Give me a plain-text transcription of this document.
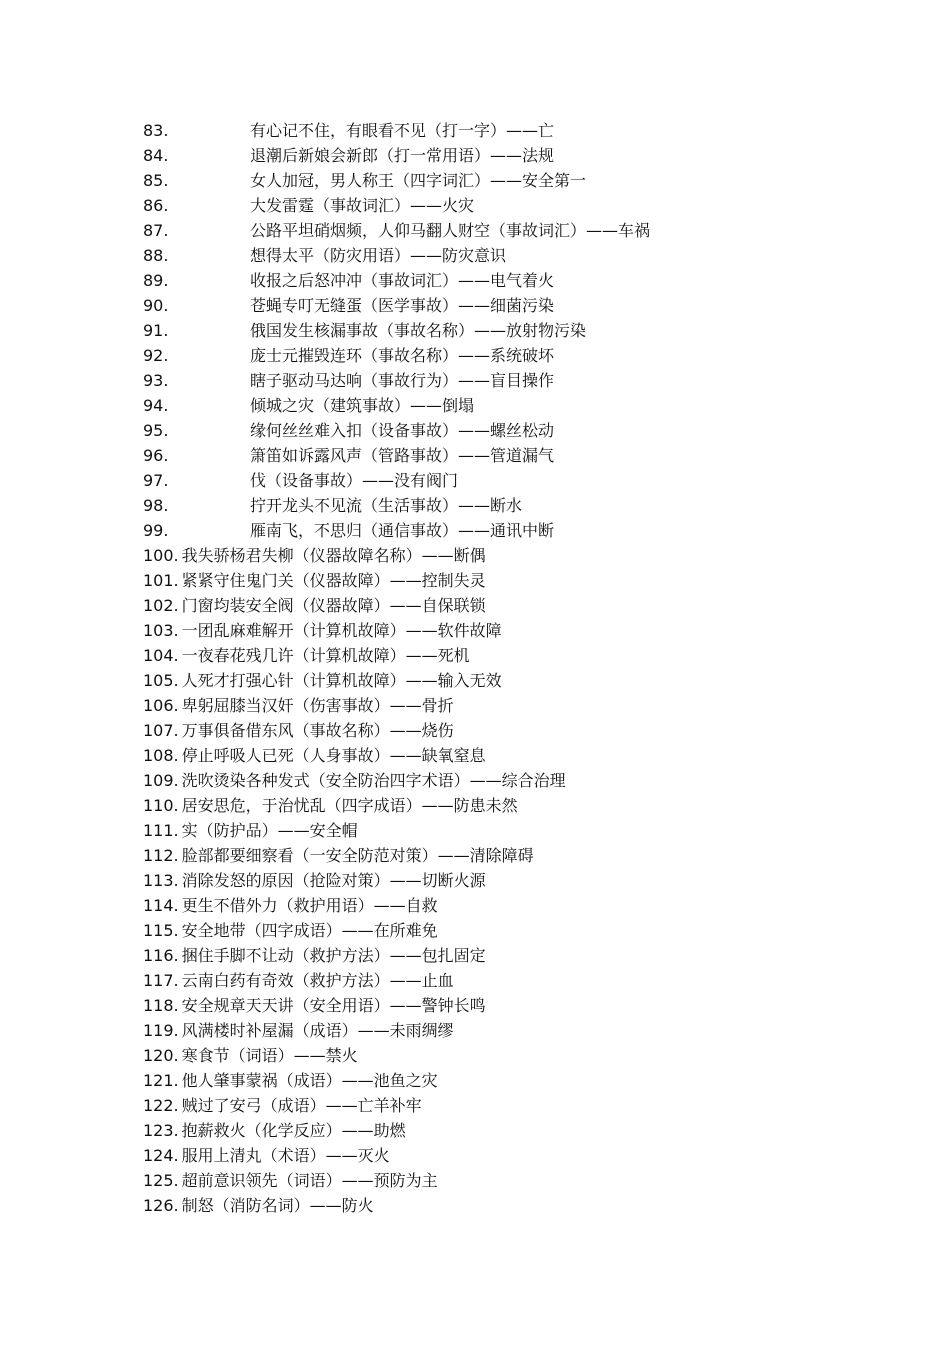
83.	有心记不住，有眼看不见（打一字）——亡
84.	退潮后新娘会新郎（打一常用语）——法规
85.	女人加冠，男人称王（四字词汇）——安全第一
86.	大发雷霆（事故词汇）——火灾
87.	公路平坦硝烟频，人仰马翻人财空（事故词汇）——车祸
88.	想得太平（防灾用语）——防灾意识
89.	收报之后怒冲冲（事故词汇）——电气着火
90.	苍蝇专叮无缝蛋（医学事故）——细菌污染
91.	俄国发生核漏事故（事故名称）——放射物污染
92.	庞士元摧毁连环（事故名称）——系统破坏
93.	瞎子驱动马达响（事故行为）——盲目操作
94.	倾城之灾（建筑事故）——倒塌
95.	缘何丝丝难入扣（设备事故）——螺丝松动
96.	箫笛如诉露风声（管路事故）——管道漏气
97.	伐（设备事故）——没有阀门
98.	拧开龙头不见流（生活事故）——断水
99.	雁南飞，不思归（通信事故）——通讯中断
100. 我失骄杨君失柳（仪器故障名称）——断偶
101. 紧紧守住鬼门关（仪器故障）——控制失灵
102. 门窗均装安全阀（仪器故障）——自保联锁
103. 一团乱麻难解开（计算机故障）——软件故障
104. 一夜春花残几许（计算机故障）——死机
105. 人死才打强心针（计算机故障）——输入无效
106. 卑躬屈膝当汉奸（伤害事故）——骨折
107. 万事俱备借东风（事故名称）——烧伤
108. 停止呼吸人已死（人身事故）——缺氧窒息
109. 洗吹烫染各种发式（安全防治四字术语）——综合治理
110. 居安思危，于治忧乱（四字成语）——防患未然
111. 实（防护品）——安全帽
112. 脸部都要细察看（一安全防范对策）——清除障碍
113. 消除发怒的原因（抢险对策）——切断火源
114. 更生不借外力（救护用语）——自救
115. 安全地带（四字成语）——在所难免
116. 捆住手脚不让动（救护方法）——包扎固定
117. 云南白药有奇效（救护方法）——止血
118. 安全规章天天讲（安全用语）——警钟长鸣
119. 风满楼时补屋漏（成语）——未雨绸缪
120. 寒食节（词语）——禁火
121. 他人肇事蒙祸（成语）——池鱼之灾
122. 贼过了安弓（成语）——亡羊补牢
123. 抱薪救火（化学反应）——助燃
124. 服用上清丸（术语）——灭火
125. 超前意识领先（词语）——预防为主
126. 制怒（消防名词）——防火
